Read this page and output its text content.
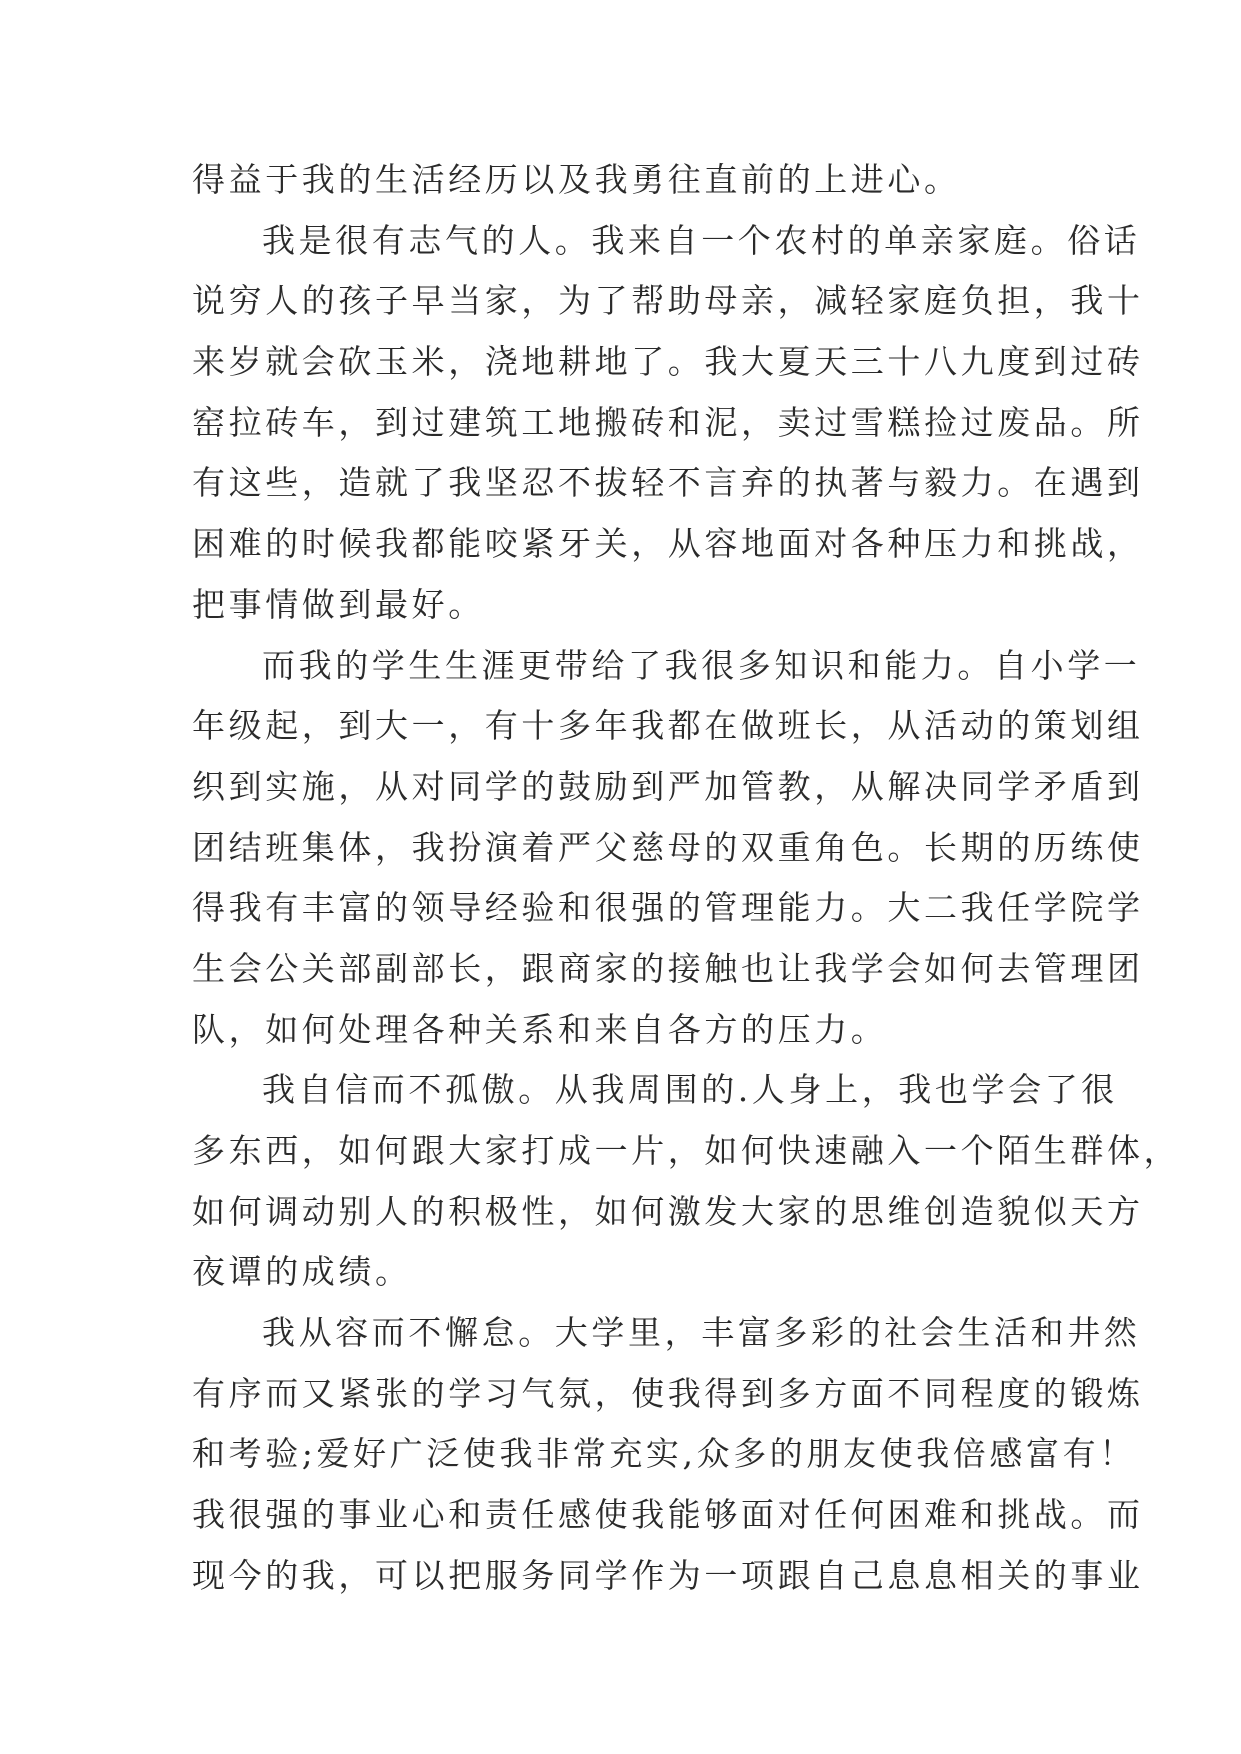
得益于我的生活经历以及我勇往直前的上进心。
我是很有志气的人。我来自一个农村的单亲家庭。俗话
说穷人的孩子早当家，为了帮助母亲，减轻家庭负担，我十
来岁就会砍玉米，浇地耕地了。我大夏天三十八九度到过砖
窑拉砖车，到过建筑工地搬砖和泥，卖过雪糕捡过废品。所
有这些，造就了我坚忍不拔轻不言弃的执著与毅力。在遇到
困难的时候我都能咬紧牙关，从容地面对各种压力和挑战，
把事情做到最好。
而我的学生生涯更带给了我很多知识和能力。自小学一
年级起，到大一，有十多年我都在做班长，从活动的策划组
织到实施，从对同学的鼓励到严加管教，从解决同学矛盾到
团结班集体，我扮演着严父慈母的双重角色。长期的历练使
得我有丰富的领导经验和很强的管理能力。大二我任学院学
生会公关部副部长，跟商家的接触也让我学会如何去管理团
队，如何处理各种关系和来自各方的压力。
我自信而不孤傲。从我周围的.人身上，我也学会了很
多东西，如何跟大家打成一片，如何快速融入一个陌生群体，
如何调动别人的积极性，如何激发大家的思维创造貌似天方
夜谭的成绩。
我从容而不懈怠。大学里，丰富多彩的社会生活和井然
有序而又紧张的学习气氛，使我得到多方面不同程度的锻炼
和考验;爱好广泛使我非常充实,众多的朋友使我倍感富有！
我很强的事业心和责任感使我能够面对任何困难和挑战。而
现今的我，可以把服务同学作为一项跟自己息息相关的事业
